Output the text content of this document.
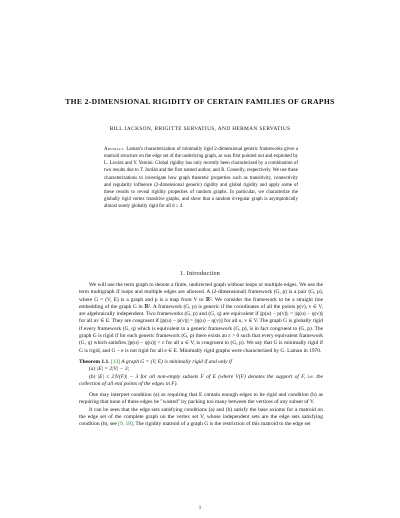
THE 2-DIMENSIONAL RIGIDITY OF CERTAIN FAMILIES OF GRAPHS
BILL JACKSON, BRIGITTE SERVATIUS, AND HERMAN SERVATIUS
Abstract. Laman's characterization of minimally rigid 2-dimensional generic frameworks gives a matroid structure on the edge set of the underlying graph, as was first pointed out and exploited by L. Lovász and Y. Yemini. Global rigidity has only recently been characterized by a combination of two results due to T. Jordán and the first named author, and R. Connelly, respectively. We use these characterizations to investigate how graph theoretic properties such as transitivity, connectivity and regularity influence (2-dimensional generic) rigidity and global rigidity and apply some of these results to reveal rigidity properties of random graphs. In particular, we characterize the globally rigid vertex transitive graphs, and show that a random d-regular graph is asymptotically almost surely globally rigid for all d ≥ 4.
1. Introduction

We will use the term graph to denote a finite, undirected graph without loops or multiple edges. We use the term multigraph if loops and multiple edges are allowed. A (2-dimensional) framework (G, p) is a pair (G, p), where G = (V, E) is a graph and p is a map from V to ℝ². We consider the framework to be a straight line embedding of the graph G in ℝ². A framework (G, p) is generic if the coordinates of all the points p(v), v ∈ V, are algebraically independent. Two frameworks (G, p) and (G, q) are equivalent if ||p(u) − p(v)|| = ||q(u) − q(v)|| for all uv ∈ E. They are congruent if ||p(u) − p(v)|| = ||q(u) − q(v)|| for all u, v ∈ V. The graph G is globally rigid if every framework (G, q) which is equivalent to a generic framework (G, p), is in fact congruent to (G, p). The graph G is rigid if for each generic framework (G, p) there exists an ε > 0 such that every equivalent framework (G, q) which satisfies ||p(u) − q(u)|| < ε for all u ∈ V, is congruent to (G, p). We say that G is minimally rigid if G is rigid, and G − e is not rigid for all e ∈ E. Minimally rigid graphs were characterized by G. Laman in 1970.

Theorem 1.1. [13] A graph G = (V, E) is minimally rigid if and only if

(a) |E| = 2|V| − 3;

(b) |E| ≤ 2|V(F)| − 3 for all non-empty subsets F of E (where V(F) denotes the support of F, i.e. the collection of all end points of the edges in F).

One may interpret condition (a) as requiring that E contain enough edges to be rigid and condition (b) as requiring that none of these edges be "wasted" by packing too many between the vertices of any subset of V.

It can be seen that the edge sets satisfying conditions (a) and (b) satisfy the base axioms for a matroid on the edge set of the complete graph on the vertex set V, whose independent sets are the edge sets satisfying condition (b), see [9, 18]. The rigidity matroid of a graph G is the restriction of this matroid to the edge set

1
